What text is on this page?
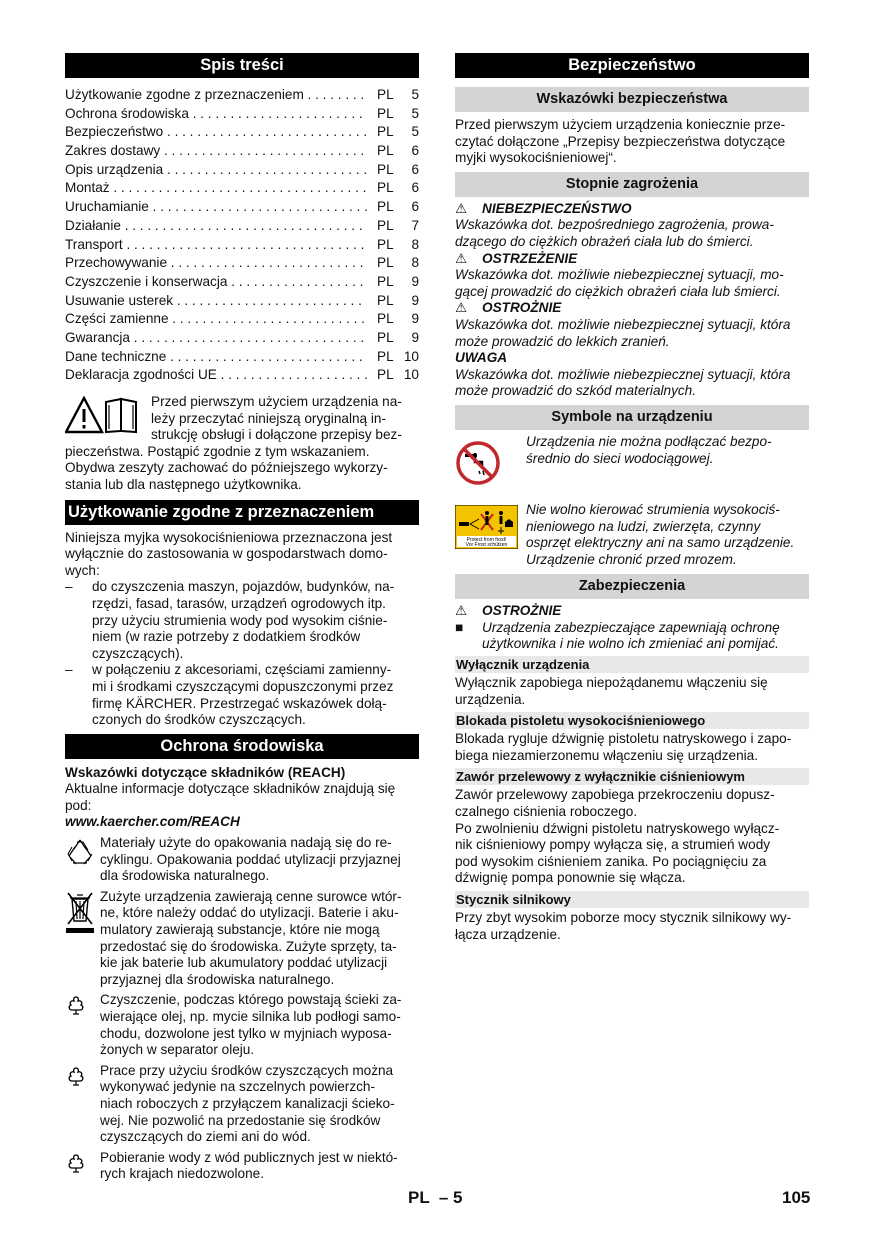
Spis treści
Użytkowanie zgodne z przeznaczeniem . . .	PL	5
Ochrona środowiska . . .	PL	5
Bezpieczeństwo . . .	PL	5
Zakres dostawy . . .	PL	6
Opis urządzenia . . .	PL	6
Montaż . . .	PL	6
Uruchamianie . . .	PL	6
Działanie . . .	PL	7
Transport . . .	PL	8
Przechowywanie . . .	PL	8
Czyszczenie i konserwacja . . .	PL	9
Usuwanie usterek . . .	PL	9
Części zamienne . . .	PL	9
Gwarancja . . .	PL	9
Dane techniczne . . .	PL 10
Deklaracja zgodności UE . . .	PL 10

Przed pierwszym użyciem urządzenia na-
leży przeczytać niniejszą oryginalną in-
strukcję obsługi i dołączone przepisy bez-

pieczeństwa. Postąpić zgodnie z tym wskazaniem.
Obydwa zeszyty zachować do późniejszego wykorzy-
stania lub dla następnego użytkownika.

Użytkowanie zgodne z przeznaczeniem

Niniejsza myjka wysokociśnieniowa przeznaczona jest
wyłącznie do zastosowania w gospodarstwach domo-
wych:

–	do czyszczenia maszyn, pojazdów, budynków, na-
rzędzi, fasad, tarasów, urządzeń ogrodowych itp.
przy użyciu strumienia wody pod wysokim ciśnie-
niem (w razie potrzeby z dodatkiem środków
czyszczących).

–	w połączeniu z akcesoriami, częściami zamienny-
mi i środkami czyszczącymi dopuszczonymi przez
firmę KÄRCHER. Przestrzegać wskazówek dołą-
czonych do środków czyszczących.

Ochrona środowiska

Wskazówki dotyczące składników (REACH)

Aktualne informacje dotyczące składników znajdują się
pod:

www.kaercher.com/REACH

Materiały użyte do opakowania nadają się do re-
cyklingu. Opakowania poddać utylizacji przyjaznej
dla środowiska naturalnego.

Zużyte urządzenia zawierają cenne surowce wtór-
ne, które należy oddać do utylizacji. Baterie i aku-
mulatory zawierają substancje, które nie mogą
przedostać się do środowiska. Zużyte sprzęty, ta-
kie jak baterie lub akumulatory poddać utylizacji
przyjaznej dla środowiska naturalnego.

Czyszczenie, podczas którego powstają ścieki za-
wierające olej, np. mycie silnika lub podłogi samo-
chodu, dozwolone jest tylko w myjniach wyposa-
żonych w separator oleju.

Prace przy użyciu środków czyszczących można
wykonywać jedynie na szczelnych powierzch-
niach roboczych z przyłączem kanalizacji ścieko-
wej. Nie pozwolić na przedostanie się środków
czyszczących do ziemi ani do wód.

Pobieranie wody z wód publicznych jest w niektó-
rych krajach niedozwolone.

Bezpieczeństwo
Wskazówki bezpieczeństwa

Przed pierwszym użyciem urządzenia koniecznie prze-
czytać dołączone „Przepisy bezpieczeństwa dotyczące
myjki wysokociśnieniowej“.

Stopnie zagrożenia
⚠	NIEBEZPIECZEŃSTWO

Wskazówka dot. bezpośredniego zagrożenia, prowa-
dzącego do ciężkich obrażeń ciała lub do śmierci.

⚠	OSTRZEŻENIE

Wskazówka dot. możliwie niebezpiecznej sytuacji, mo-
gącej prowadzić do ciężkich obrażeń ciała lub śmierci.

⚠	OSTROŻNIE

Wskazówka dot. możliwie niebezpiecznej sytuacji, która
może prowadzić do lekkich zranień.

UWAGA

Wskazówka dot. możliwie niebezpiecznej sytuacji, która
może prowadzić do szkód materialnych.

Symbole na urządzeniu

Urządzenia nie można podłączać bezpo-
średnio do sieci wodociągowej.

Protect from frost!
Vor Frost schützen

Nie wolno kierować strumienia wysokociś-
nieniowego na ludzi, zwierzęta, czynny
osprzęt elektryczny ani na samo urządzenie.
Urządzenie chronić przed mrozem.

Zabezpieczenia
⚠	OSTROŻNIE

■	Urządzenia zabezpieczające zapewniają ochronę
użytkownika i nie wolno ich zmieniać ani pomijać.

Wyłącznik urządzenia

Wyłącznik zapobiega niepożądanemu włączeniu się
urządzenia.

Blokada pistoletu wysokociśnieniowego

Blokada rygluje dźwignię pistoletu natryskowego i zapo-
biega niezamierzonemu włączeniu się urządzenia.

Zawór przelewowy z wyłącznikie ciśnieniowym

Zawór przelewowy zapobiega przekroczeniu dopusz-
czalnego ciśnienia roboczego.
Po zwolnieniu dźwigni pistoletu natryskowego wyłącz-
nik ciśnieniowy pompy wyłącza się, a strumień wody
pod wysokim ciśnieniem zanika. Po pociągnięciu za
dźwignię pompa ponownie się włącza.

Stycznik silnikowy

Przy zbyt wysokim poborze mocy stycznik silnikowy wy-
łącza urządzenie.

PL  – 5	105
